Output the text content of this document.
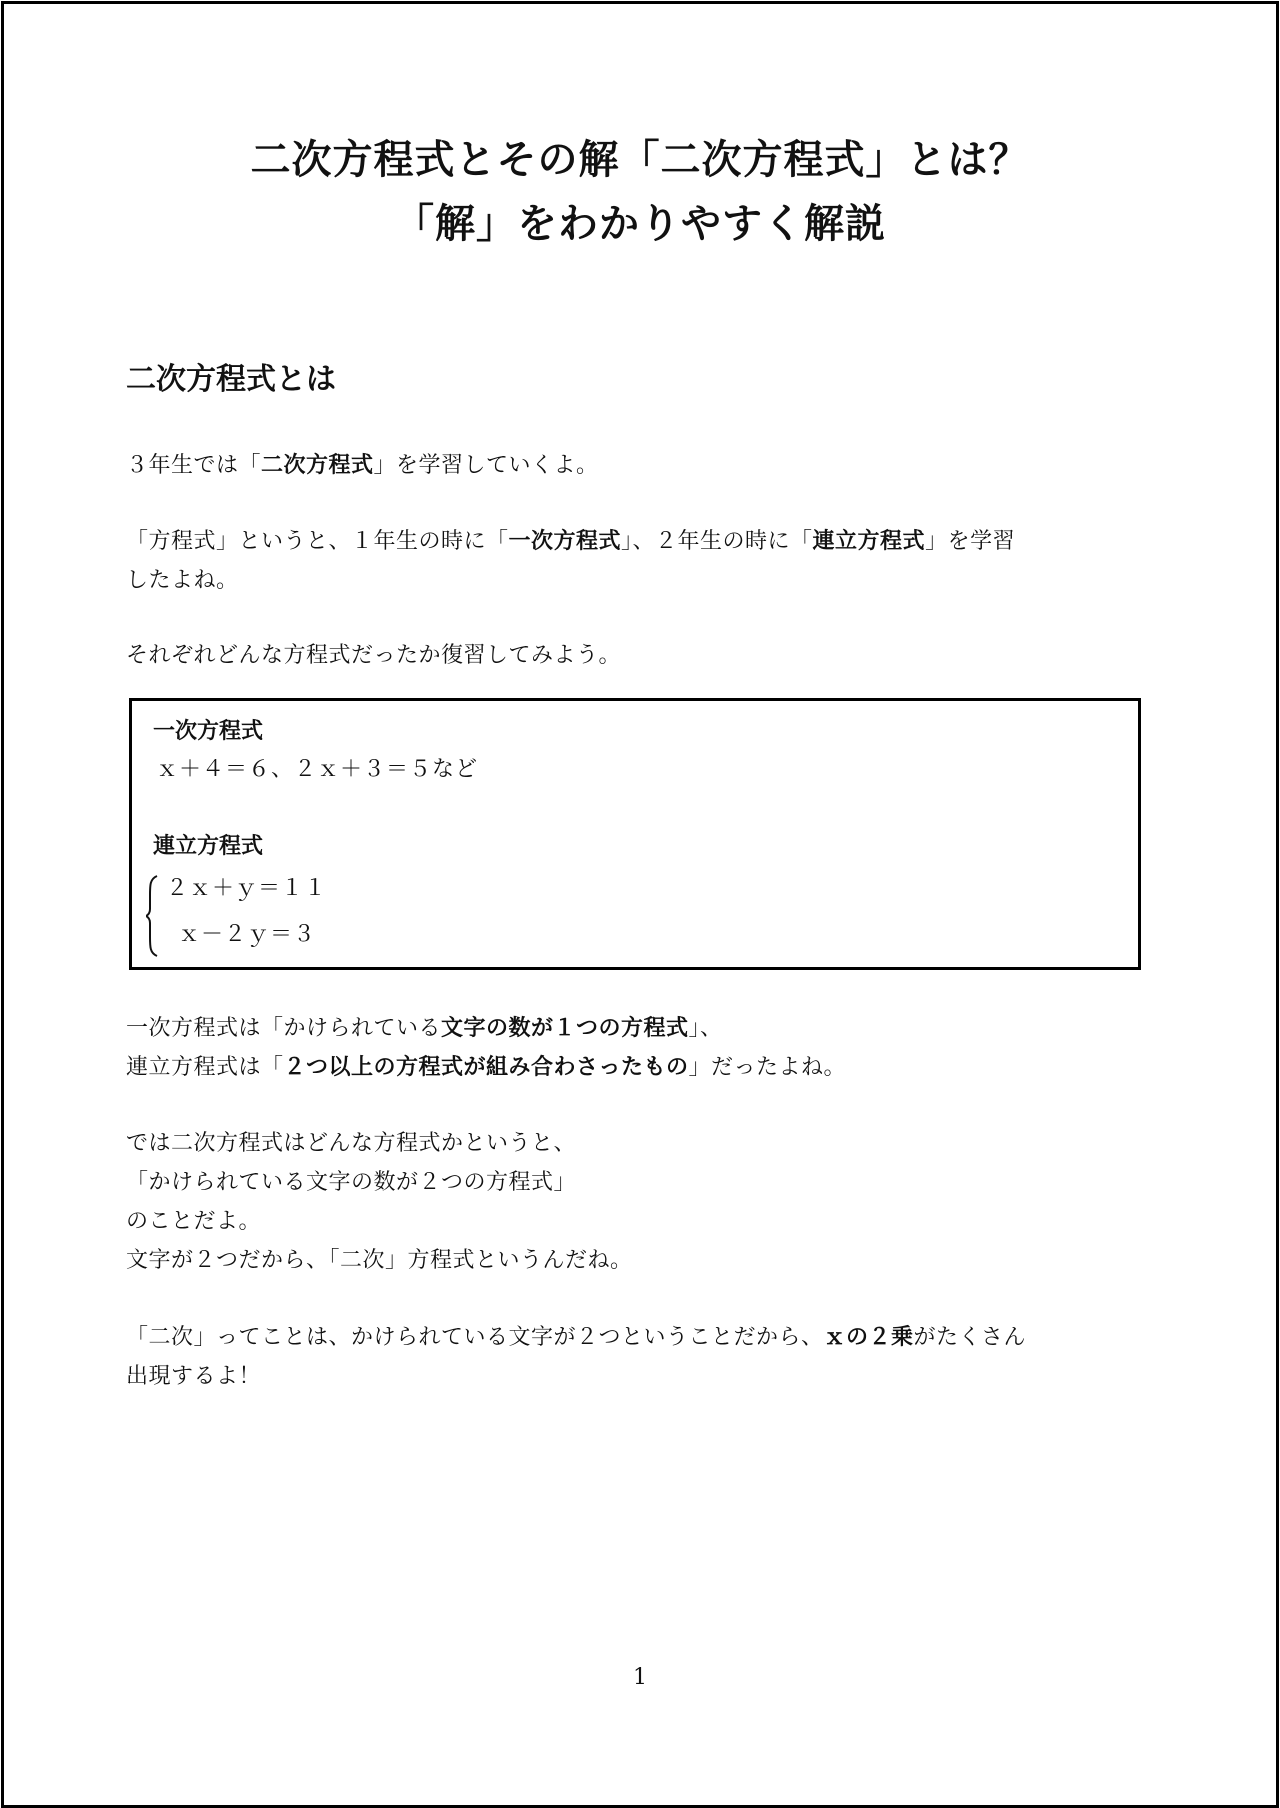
二次方程式とその解「二次方程式」とは？
「解」をわかりやすく解説
二次方程式とは
３年生では「二次方程式」を学習していくよ。
「方程式」というと、１年生の時に「一次方程式」、２年生の時に「連立方程式」を学習
したよね。
それぞれどんな方程式だったか復習してみよう。
一次方程式
ｘ＋４＝６、２ｘ＋３＝５など
連立方程式
２ｘ＋ｙ＝１１
ｘ－２ｙ＝３
一次方程式は「かけられている文字の数が１つの方程式」、
連立方程式は「２つ以上の方程式が組み合わさったもの」だったよね。
では二次方程式はどんな方程式かというと、
「かけられている文字の数が２つの方程式」
のことだよ。
文字が２つだから、「二次」方程式というんだね。
「二次」ってことは、かけられている文字が２つということだから、ｘの２乗がたくさん
出現するよ！
1
